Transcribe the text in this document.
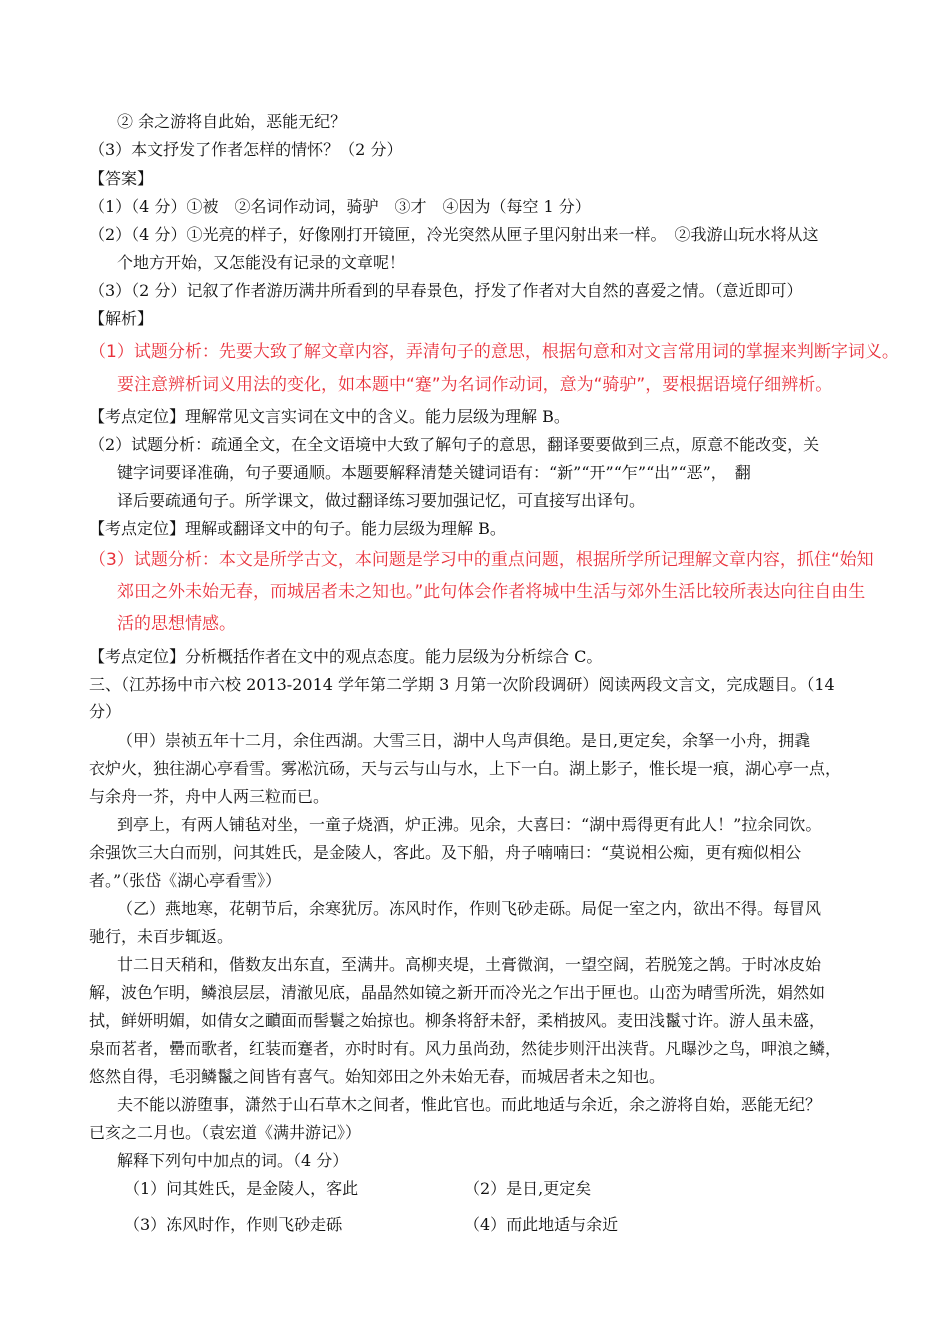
② 余之游将自此始，恶能无纪？
（3）本文抒发了作者怎样的情怀？（2 分）
【答案】
（1）（4 分）①被　②名词作动词，骑驴　③才　④因为（每空 1 分）
（2）（4 分）①光亮的样子，好像刚打开镜匣，冷光突然从匣子里闪射出来一样。　②我游山玩水将从这
个地方开始，又怎能没有记录的文章呢！
（3）（2 分）记叙了作者游历满井所看到的早春景色，抒发了作者对大自然的喜爱之情。（意近即可）
【解析】
（1）试题分析：先要大致了解文章内容，弄清句子的意思，根据句意和对文言常用词的掌握来判断字词义。
要注意辨析词义用法的变化，如本题中“蹇”为名词作动词，意为“骑驴”，要根据语境仔细辨析。
【考点定位】理解常见文言实词在文中的含义。能力层级为理解 B。
（2）试题分析：疏通全文，在全文语境中大致了解句子的意思，翻译要要做到三点，原意不能改变，关
键字词要译准确，句子要通顺。本题要解释清楚关键词语有：“新”“开”“乍”“出”“恶”，　翻
译后要疏通句子。所学课文，做过翻译练习要加强记忆，可直接写出译句。
【考点定位】理解或翻译文中的句子。能力层级为理解 B。
（3）试题分析：本文是所学古文，本问题是学习中的重点问题，根据所学所记理解文章内容，抓住“始知
郊田之外未始无春，而城居者未之知也。”此句体会作者将城中生活与郊外生活比较所表达向往自由生
活的思想情感。
【考点定位】分析概括作者在文中的观点态度。能力层级为分析综合 C。
三、（江苏扬中市六校 2013-2014 学年第二学期 3 月第一次阶段调研）阅读两段文言文，完成题目。（14
分）
（甲）崇祯五年十二月，余住西湖。大雪三日，湖中人鸟声俱绝。是日,更定矣，余拏一小舟，拥毳
衣炉火，独往湖心亭看雪。雾凇沆砀，天与云与山与水，上下一白。湖上影子，惟长堤一痕，湖心亭一点，
与余舟一芥，舟中人两三粒而已。
到亭上，有两人铺毡对坐，一童子烧酒，炉正沸。见余，大喜曰：“湖中焉得更有此人！”拉余同饮。
余强饮三大白而别，问其姓氏，是金陵人，客此。及下船，舟子喃喃曰：“莫说相公痴，更有痴似相公
者。”（张岱《湖心亭看雪》）
（乙）燕地寒，花朝节后，余寒犹厉。冻风时作，作则飞砂走砾。局促一室之内，欲出不得。每冒风
驰行，未百步辄返。
廿二日天稍和，偕数友出东直，至满井。高柳夹堤，土膏微润，一望空阔，若脱笼之鹄。于时冰皮始
解，波色乍明，鳞浪层层，清澈见底，晶晶然如镜之新开而冷光之乍出于匣也。山峦为晴雪所洗，娟然如
拭，鲜妍明媚，如倩女之靧面而髻鬟之始掠也。柳条将舒未舒，柔梢披风。麦田浅鬣寸许。游人虽未盛，
泉而茗者，罍而歌者，红装而蹇者，亦时时有。风力虽尚劲，然徒步则汗出浃背。凡曝沙之鸟，呷浪之鳞，
悠然自得，毛羽鳞鬣之间皆有喜气。始知郊田之外未始无春，而城居者未之知也。
夫不能以游堕事，潇然于山石草木之间者，惟此官也。而此地适与余近，余之游将自始，恶能无纪？
已亥之二月也。（袁宏道《满井游记》）
解释下列句中加点的词。（4 分）
（1）问其姓氏，是金陵人，客此	（2）是日,更定矣
（3）冻风时作，作则飞砂走砾	（4）而此地适与余近
